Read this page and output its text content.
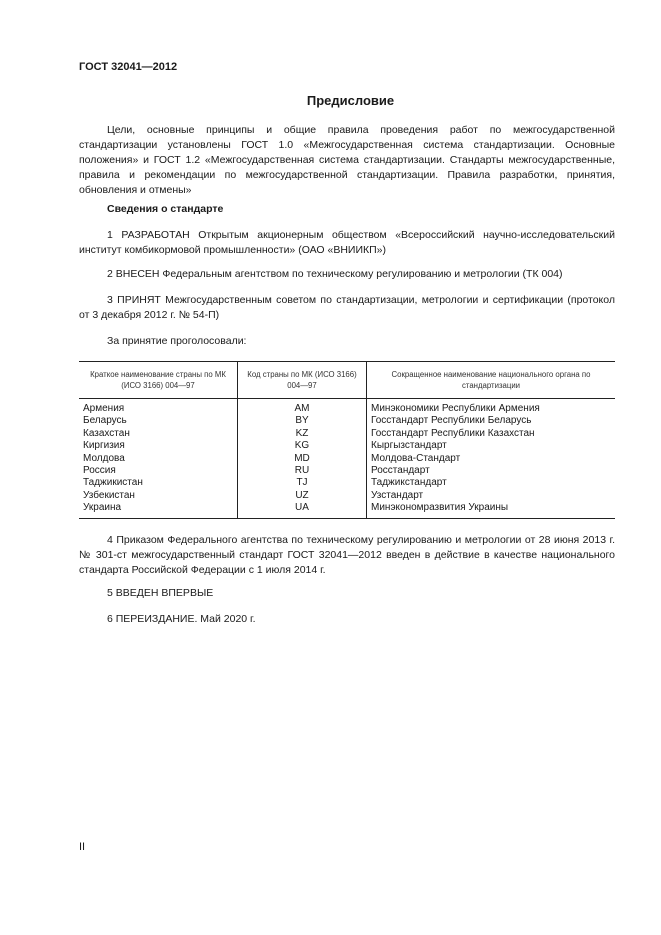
ГОСТ 32041—2012
Предисловие
Цели, основные принципы и общие правила проведения работ по межгосударственной стандартизации установлены ГОСТ 1.0 «Межгосударственная система стандартизации. Основные положения» и ГОСТ 1.2 «Межгосударственная система стандартизации. Стандарты межгосударственные, правила и рекомендации по межгосударственной стандартизации. Правила разработки, принятия, обновления и отмены»
Сведения о стандарте
1 РАЗРАБОТАН Открытым акционерным обществом «Всероссийский научно-исследовательский институт комбикормовой промышленности» (ОАО «ВНИИКП»)
2 ВНЕСЕН Федеральным агентством по техническому регулированию и метрологии (ТК 004)
3 ПРИНЯТ Межгосударственным советом по стандартизации, метрологии и сертификации (протокол от 3 декабря 2012 г. № 54-П)
За принятие проголосовали:
Краткое наименование страны по МК (ИСО 3166) 004—97	Код страны по МК (ИСО 3166) 004—97	Сокращенное наименование национального органа по стандартизации
Армения	AM	Минэкономики Республики Армения
Беларусь	BY	Госстандарт Республики Беларусь
Казахстан	KZ	Госстандарт Республики Казахстан
Киргизия	KG	Кыргызстандарт
Молдова	MD	Молдова-Стандарт
Россия	RU	Росстандарт
Таджикистан	TJ	Таджикстандарт
Узбекистан	UZ	Узстандарт
Украина	UA	Минэкономразвития Украины
4 Приказом Федерального агентства по техническому регулированию и метрологии от 28 июня 2013 г. № 301-ст межгосударственный стандарт ГОСТ 32041—2012 введен в действие в качестве национального стандарта Российской Федерации с 1 июля 2014 г.
5 ВВЕДЕН ВПЕРВЫЕ
6 ПЕРЕИЗДАНИЕ. Май 2020 г.
II
